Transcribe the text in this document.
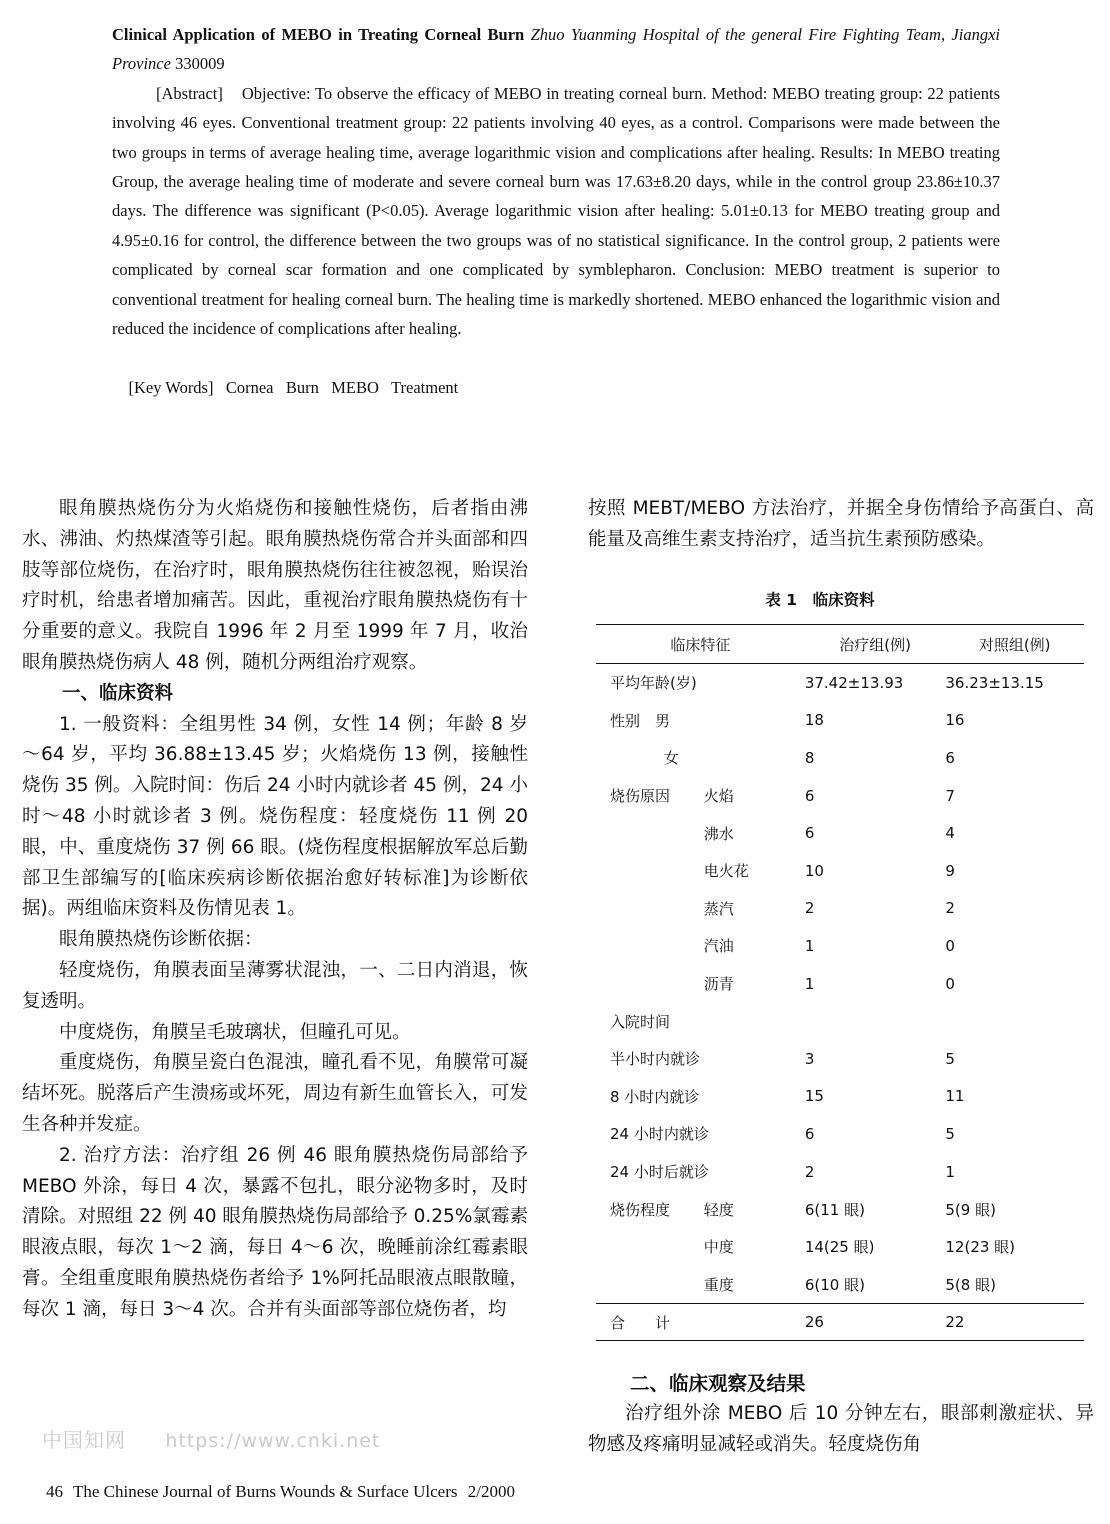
Clinical Application of MEBO in Treating Corneal Burn Zhuo Yuanming Hospital of the general Fire Fighting Team, Jiangxi Province 330009

[Abstract] Objective: To observe the efficacy of MEBO in treating corneal burn. Method: MEBO treating group: 22 patients involving 46 eyes. Conventional treatment group: 22 patients involving 40 eyes, as a control. Comparisons were made between the two groups in terms of average healing time, average logarithmic vision and complications after healing. Results: In MEBO treating Group, the average healing time of moderate and severe corneal burn was 17.63±8.20 days, while in the control group 23.86±10.37 days. The difference was significant (P<0.05). Average logarithmic vision after healing: 5.01±0.13 for MEBO treating group and 4.95±0.16 for control, the difference between the two groups was of no statistical significance. In the control group, 2 patients were complicated by corneal scar formation and one complicated by symblepharon. Conclusion: MEBO treatment is superior to conventional treatment for healing corneal burn. The healing time is markedly shortened. MEBO enhanced the logarithmic vision and reduced the incidence of complications after healing.

[Key Words] Cornea   Burn   MEBO   Treatment

眼角膜热烧伤分为火焰烧伤和接触性烧伤，后者指由沸水、沸油、灼热煤渣等引起。眼角膜热烧伤常合并头面部和四肢等部位烧伤，在治疗时，眼角膜热烧伤往往被忽视，贻误治疗时机，给患者增加痛苦。因此，重视治疗眼角膜热烧伤有十分重要的意义。我院自 1996 年 2 月至 1999 年 7 月，收治眼角膜热烧伤病人 48 例，随机分两组治疗观察。

一、临床资料

1. 一般资料：全组男性 34 例，女性 14 例；年龄 8 岁～64 岁，平均 36.88±13.45 岁；火焰烧伤 13 例，接触性烧伤 35 例。入院时间：伤后 24 小时内就诊者 45 例，24 小时～48 小时就诊者 3 例。烧伤程度：轻度烧伤 11 例 20 眼，中、重度烧伤 37 例 66 眼。(烧伤程度根据解放军总后勤部卫生部编写的[临床疾病诊断依据治愈好转标准]为诊断依据)。两组临床资料及伤情见表 1。

眼角膜热烧伤诊断依据：

轻度烧伤，角膜表面呈薄雾状混浊，一、二日内消退，恢复透明。

中度烧伤，角膜呈毛玻璃状，但瞳孔可见。

重度烧伤，角膜呈瓷白色混浊，瞳孔看不见，角膜常可凝结坏死。脱落后产生溃疡或坏死，周边有新生血管长入，可发生各种并发症。

2. 治疗方法：治疗组 26 例 46 眼角膜热烧伤局部给予 MEBO 外涂，每日 4 次，暴露不包扎，眼分泌物多时，及时清除。对照组 22 例 40 眼角膜热烧伤局部给予 0.25%氯霉素眼液点眼，每次 1～2 滴，每日 4～6 次，晚睡前涂红霉素眼膏。全组重度眼角膜热烧伤者给予 1%阿托品眼液点眼散瞳，每次 1 滴，每日 3～4 次。合并有头面部等部位烧伤者，均

按照 MEBT/MEBO 方法治疗，并据全身伤情给予高蛋白、高能量及高维生素支持治疗，适当抗生素预防感染。

表 1　临床资料
临床特征		治疗组(例)	对照组(例)
平均年龄(岁)		37.42±13.93	36.23±13.15
性别　男		18	16
	女	8	6
烧伤原因	火焰	6	7
	沸水	6	4
	电火花	10	9
	蒸汽	2	2
	汽油	1	0
	沥青	1	0
入院时间			
半小时内就诊		3	5
8 小时内就诊		15	11
24 小时内就诊		6	5
24 小时后就诊		2	1
烧伤程度	轻度	6(11 眼)	5(9 眼)
	中度	14(25 眼)	12(23 眼)
	重度	6(10 眼)	5(8 眼)
合　　计		26	22
二、临床观察及结果

治疗组外涂 MEBO 后 10 分钟左右，眼部刺激症状、异物感及疼痛明显减轻或消失。轻度烧伤角

中国知网 https://www.cnki.net
46 The Chinese Journal of Burns Wounds & Surface Ulcers 2/2000
